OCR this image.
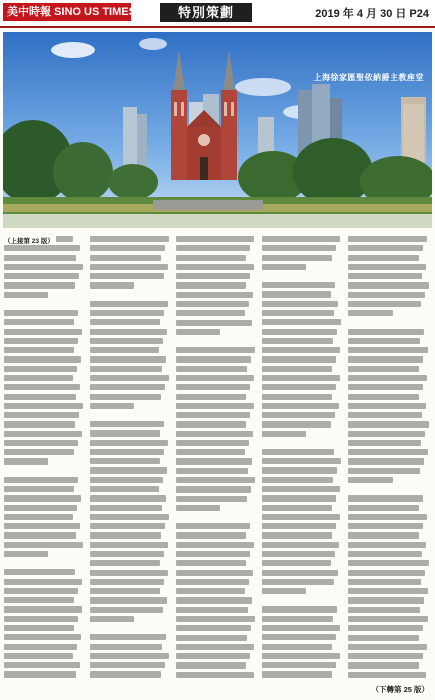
美中時報 SINO US TIMES	特別策劃	2019 年 4 月 30 日 P24
上海徐家匯聖依納爵主教座堂
（上接第 23 版）
（下轉第 25 版）
